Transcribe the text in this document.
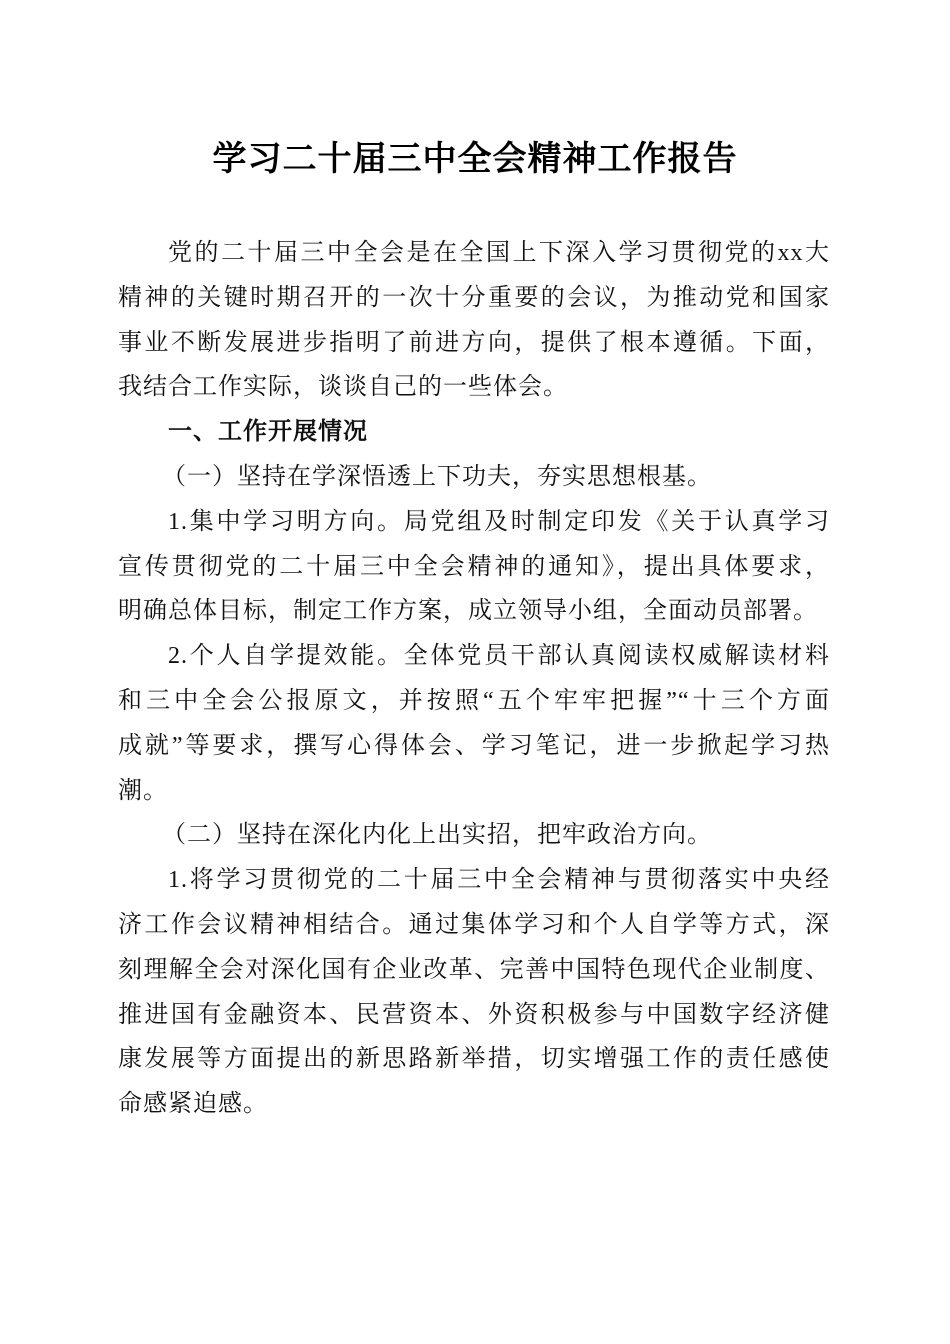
学习二十届三中全会精神工作报告
党的二十届三中全会是在全国上下深入学习贯彻党的xx大
精神的关键时期召开的一次十分重要的会议，为推动党和国家
事业不断发展进步指明了前进方向，提供了根本遵循。下面，
我结合工作实际，谈谈自己的一些体会。
一、工作开展情况
（一）坚持在学深悟透上下功夫，夯实思想根基。
1.集中学习明方向。局党组及时制定印发《关于认真学习
宣传贯彻党的二十届三中全会精神的通知》，提出具体要求，
明确总体目标，制定工作方案，成立领导小组，全面动员部署。
2.个人自学提效能。全体党员干部认真阅读权威解读材料
和三中全会公报原文，并按照“五个牢牢把握”“十三个方面
成就”等要求，撰写心得体会、学习笔记，进一步掀起学习热
潮。
（二）坚持在深化内化上出实招，把牢政治方向。
1.将学习贯彻党的二十届三中全会精神与贯彻落实中央经
济工作会议精神相结合。通过集体学习和个人自学等方式，深
刻理解全会对深化国有企业改革、完善中国特色现代企业制度、
推进国有金融资本、民营资本、外资积极参与中国数字经济健
康发展等方面提出的新思路新举措，切实增强工作的责任感使
命感紧迫感。
